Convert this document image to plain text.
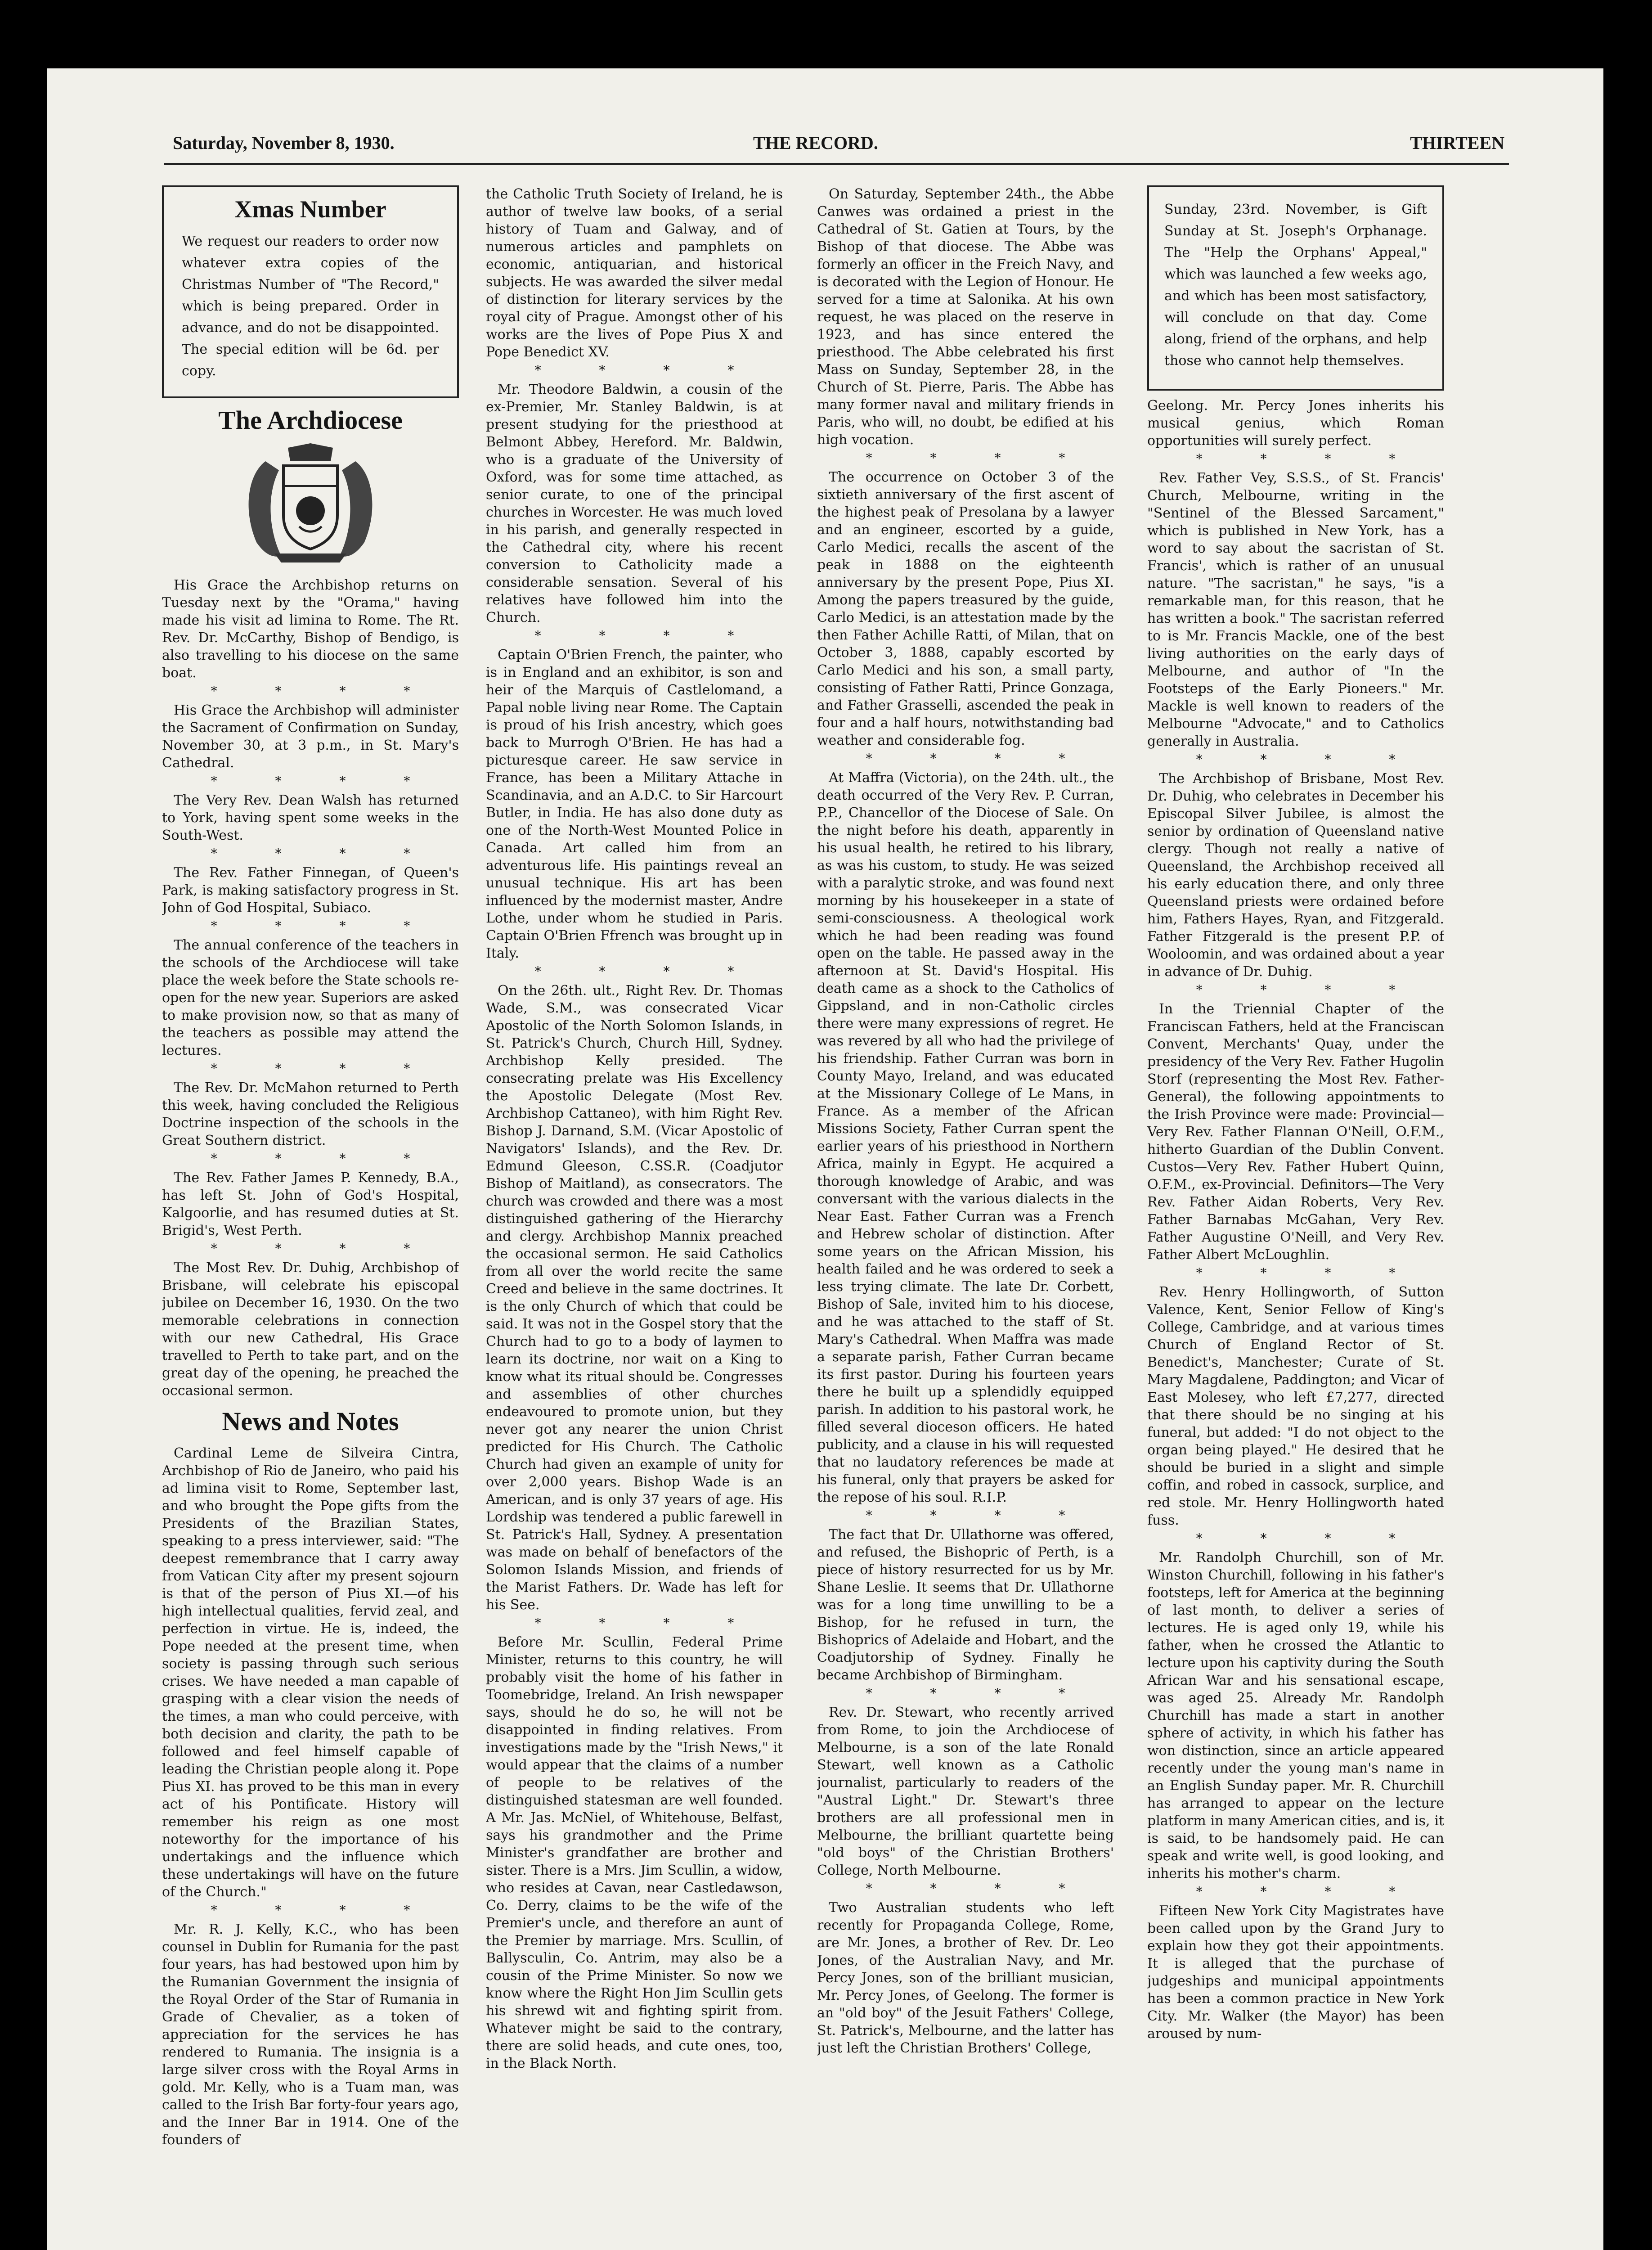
Saturday, November 8, 1930.	THE RECORD.	THIRTEEN
Xmas Number

We request our readers to order now whatever extra copies of the Christmas Number of "The Record," which is being prepared. Order in advance, and do not be disappointed. The special edition will be 6d. per copy.

The Archdiocese

His Grace the Archbishop returns on Tuesday next by the "Orama," having made his visit ad limina to Rome. The Rt. Rev. Dr. McCarthy, Bishop of Bendigo, is also travelling to his diocese on the same boat.

* * * *

His Grace the Archbishop will administer the Sacrament of Confirmation on Sunday, November 30, at 3 p.m., in St. Mary's Cathedral.

* * * *

The Very Rev. Dean Walsh has returned to York, having spent some weeks in the South-West.

* * * *

The Rev. Father Finnegan, of Queen's Park, is making satisfactory progress in St. John of God Hospital, Subiaco.

* * * *

The annual conference of the teachers in the schools of the Archdiocese will take place the week before the State schools re-open for the new year. Superiors are asked to make provision now, so that as many of the teachers as possible may attend the lectures.

* * * *

The Rev. Dr. McMahon returned to Perth this week, having concluded the Religious Doctrine inspection of the schools in the Great Southern district.

* * * *

The Rev. Father James P. Kennedy, B.A., has left St. John of God's Hospital, Kalgoorlie, and has resumed duties at St. Brigid's, West Perth.

* * * *

The Most Rev. Dr. Duhig, Archbishop of Brisbane, will celebrate his episcopal jubilee on December 16, 1930. On the two memorable celebrations in connection with our new Cathedral, His Grace travelled to Perth to take part, and on the great day of the opening, he preached the occasional sermon.

News and Notes

Cardinal Leme de Silveira Cintra, Archbishop of Rio de Janeiro, who paid his ad limina visit to Rome, September last, and who brought the Pope gifts from the Presidents of the Brazilian States, speaking to a press interviewer, said: "The deepest remembrance that I carry away from Vatican City after my present sojourn is that of the person of Pius XI.—of his high intellectual qualities, fervid zeal, and perfection in virtue. He is, indeed, the Pope needed at the present time, when society is passing through such serious crises. We have needed a man capable of grasping with a clear vision the needs of the times, a man who could perceive, with both decision and clarity, the path to be followed and feel himself capable of leading the Christian people along it. Pope Pius XI. has proved to be this man in every act of his Pontificate. History will remember his reign as one most noteworthy for the importance of his undertakings and the influence which these undertakings will have on the future of the Church."

* * * *

Mr. R. J. Kelly, K.C., who has been counsel in Dublin for Rumania for the past four years, has had bestowed upon him by the Rumanian Government the insignia of the Royal Order of the Star of Rumania in Grade of Chevalier, as a token of appreciation for the services he has rendered to Rumania. The insignia is a large silver cross with the Royal Arms in gold. Mr. Kelly, who is a Tuam man, was called to the Irish Bar forty-four years ago, and the Inner Bar in 1914. One of the founders of

the Catholic Truth Society of Ireland, he is author of twelve law books, of a serial history of Tuam and Galway, and of numerous articles and pamphlets on economic, antiquarian, and historical subjects. He was awarded the silver medal of distinction for literary services by the royal city of Prague. Amongst other of his works are the lives of Pope Pius X and Pope Benedict XV.

* * * *

Mr. Theodore Baldwin, a cousin of the ex-Premier, Mr. Stanley Baldwin, is at present studying for the priesthood at Belmont Abbey, Hereford. Mr. Baldwin, who is a graduate of the University of Oxford, was for some time attached, as senior curate, to one of the principal churches in Worcester. He was much loved in his parish, and generally respected in the Cathedral city, where his recent conversion to Catholicity made a considerable sensation. Several of his relatives have followed him into the Church.

* * * *

Captain O'Brien French, the painter, who is in England and an exhibitor, is son and heir of the Marquis of Castlelomand, a Papal noble living near Rome. The Captain is proud of his Irish ancestry, which goes back to Murrogh O'Brien. He has had a picturesque career. He saw service in France, has been a Military Attache in Scandinavia, and an A.D.C. to Sir Harcourt Butler, in India. He has also done duty as one of the North-West Mounted Police in Canada. Art called him from an adventurous life. His paintings reveal an unusual technique. His art has been influenced by the modernist master, Andre Lothe, under whom he studied in Paris. Captain O'Brien Ffrench was brought up in Italy.

* * * *

On the 26th. ult., Right Rev. Dr. Thomas Wade, S.M., was consecrated Vicar Apostolic of the North Solomon Islands, in St. Patrick's Church, Church Hill, Sydney. Archbishop Kelly presided. The consecrating prelate was His Excellency the Apostolic Delegate (Most Rev. Archbishop Cattaneo), with him Right Rev. Bishop J. Darnand, S.M. (Vicar Apostolic of Navigators' Islands), and the Rev. Dr. Edmund Gleeson, C.SS.R. (Coadjutor Bishop of Maitland), as consecrators. The church was crowded and there was a most distinguished gathering of the Hierarchy and clergy. Archbishop Mannix preached the occasional sermon. He said Catholics from all over the world recite the same Creed and believe in the same doctrines. It is the only Church of which that could be said. It was not in the Gospel story that the Church had to go to a body of laymen to learn its doctrine, nor wait on a King to know what its ritual should be. Congresses and assemblies of other churches endeavoured to promote union, but they never got any nearer the union Christ predicted for His Church. The Catholic Church had given an example of unity for over 2,000 years. Bishop Wade is an American, and is only 37 years of age. His Lordship was tendered a public farewell in St. Patrick's Hall, Sydney. A presentation was made on behalf of benefactors of the Solomon Islands Mission, and friends of the Marist Fathers. Dr. Wade has left for his See.

* * * *

Before Mr. Scullin, Federal Prime Minister, returns to this country, he will probably visit the home of his father in Toomebridge, Ireland. An Irish newspaper says, should he do so, he will not be disappointed in finding relatives. From investigations made by the "Irish News," it would appear that the claims of a number of people to be relatives of the distinguished statesman are well founded. A Mr. Jas. McNiel, of Whitehouse, Belfast, says his grandmother and the Prime Minister's grandfather are brother and sister. There is a Mrs. Jim Scullin, a widow, who resides at Cavan, near Castledawson, Co. Derry, claims to be the wife of the Premier's uncle, and therefore an aunt of the Premier by marriage. Mrs. Scullin, of Ballysculin, Co. Antrim, may also be a cousin of the Prime Minister. So now we know where the Right Hon Jim Scullin gets his shrewd wit and fighting spirit from. Whatever might be said to the contrary, there are solid heads, and cute ones, too, in the Black North.

On Saturday, September 24th., the Abbe Canwes was ordained a priest in the Cathedral of St. Gatien at Tours, by the Bishop of that diocese. The Abbe was formerly an officer in the Freich Navy, and is decorated with the Legion of Honour. He served for a time at Salonika. At his own request, he was placed on the reserve in 1923, and has since entered the priesthood. The Abbe celebrated his first Mass on Sunday, September 28, in the Church of St. Pierre, Paris. The Abbe has many former naval and military friends in Paris, who will, no doubt, be edified at his high vocation.

* * * *

The occurrence on October 3 of the sixtieth anniversary of the first ascent of the highest peak of Presolana by a lawyer and an engineer, escorted by a guide, Carlo Medici, recalls the ascent of the peak in 1888 on the eighteenth anniversary by the present Pope, Pius XI. Among the papers treasured by the guide, Carlo Medici, is an attestation made by the then Father Achille Ratti, of Milan, that on October 3, 1888, capably escorted by Carlo Medici and his son, a small party, consisting of Father Ratti, Prince Gonzaga, and Father Grasselli, ascended the peak in four and a half hours, notwithstanding bad weather and considerable fog.

* * * *

At Maffra (Victoria), on the 24th. ult., the death occurred of the Very Rev. P. Curran, P.P., Chancellor of the Diocese of Sale. On the night before his death, apparently in his usual health, he retired to his library, as was his custom, to study. He was seized with a paralytic stroke, and was found next morning by his housekeeper in a state of semi-consciousness. A theological work which he had been reading was found open on the table. He passed away in the afternoon at St. David's Hospital. His death came as a shock to the Catholics of Gippsland, and in non-Catholic circles there were many expressions of regret. He was revered by all who had the privilege of his friendship. Father Curran was born in County Mayo, Ireland, and was educated at the Missionary College of Le Mans, in France. As a member of the African Missions Society, Father Curran spent the earlier years of his priesthood in Northern Africa, mainly in Egypt. He acquired a thorough knowledge of Arabic, and was conversant with the various dialects in the Near East. Father Curran was a French and Hebrew scholar of distinction. After some years on the African Mission, his health failed and he was ordered to seek a less trying climate. The late Dr. Corbett, Bishop of Sale, invited him to his diocese, and he was attached to the staff of St. Mary's Cathedral. When Maffra was made a separate parish, Father Curran became its first pastor. During his fourteen years there he built up a splendidly equipped parish. In addition to his pastoral work, he filled several dioceson officers. He hated publicity, and a clause in his will requested that no laudatory references be made at his funeral, only that prayers be asked for the repose of his soul. R.I.P.

* * * *

The fact that Dr. Ullathorne was offered, and refused, the Bishopric of Perth, is a piece of history resurrected for us by Mr. Shane Leslie. It seems that Dr. Ullathorne was for a long time unwilling to be a Bishop, for he refused in turn, the Bishoprics of Adelaide and Hobart, and the Coadjutorship of Sydney. Finally he became Archbishop of Birmingham.

* * * *

Rev. Dr. Stewart, who recently arrived from Rome, to join the Archdiocese of Melbourne, is a son of the late Ronald Stewart, well known as a Catholic journalist, particularly to readers of the "Austral Light." Dr. Stewart's three brothers are all professional men in Melbourne, the brilliant quartette being "old boys" of the Christian Brothers' College, North Melbourne.

* * * *

Two Australian students who left recently for Propaganda College, Rome, are Mr. Jones, a brother of Rev. Dr. Leo Jones, of the Australian Navy, and Mr. Percy Jones, son of the brilliant musician, Mr. Percy Jones, of Geelong. The former is an "old boy" of the Jesuit Fathers' College, St. Patrick's, Melbourne, and the latter has just left the Christian Brothers' College,

Sunday, 23rd. November, is Gift Sunday at St. Joseph's Orphanage. The "Help the Orphans' Appeal," which was launched a few weeks ago, and which has been most satisfactory, will conclude on that day. Come along, friend of the orphans, and help those who cannot help themselves.

Geelong. Mr. Percy Jones inherits his musical genius, which Roman opportunities will surely perfect.

* * * *

Rev. Father Vey, S.S.S., of St. Francis' Church, Melbourne, writing in the "Sentinel of the Blessed Sarcament," which is published in New York, has a word to say about the sacristan of St. Francis', which is rather of an unusual nature. "The sacristan," he says, "is a remarkable man, for this reason, that he has written a book." The sacristan referred to is Mr. Francis Mackle, one of the best living authorities on the early days of Melbourne, and author of "In the Footsteps of the Early Pioneers." Mr. Mackle is well known to readers of the Melbourne "Advocate," and to Catholics generally in Australia.

* * * *

The Archbishop of Brisbane, Most Rev. Dr. Duhig, who celebrates in December his Episcopal Silver Jubilee, is almost the senior by ordination of Queensland native clergy. Though not really a native of Queensland, the Archbishop received all his early education there, and only three Queensland priests were ordained before him, Fathers Hayes, Ryan, and Fitzgerald. Father Fitzgerald is the present P.P. of Wooloomin, and was ordained about a year in advance of Dr. Duhig.

* * * *

In the Triennial Chapter of the Franciscan Fathers, held at the Franciscan Convent, Merchants' Quay, under the presidency of the Very Rev. Father Hugolin Storf (representing the Most Rev. Father-General), the following appointments to the Irish Province were made: Provincial—Very Rev. Father Flannan O'Neill, O.F.M., hitherto Guardian of the Dublin Convent. Custos—Very Rev. Father Hubert Quinn, O.F.M., ex-Provincial. Definitors—The Very Rev. Father Aidan Roberts, Very Rev. Father Barnabas McGahan, Very Rev. Father Augustine O'Neill, and Very Rev. Father Albert McLoughlin.

* * * *

Rev. Henry Hollingworth, of Sutton Valence, Kent, Senior Fellow of King's College, Cambridge, and at various times Church of England Rector of St. Benedict's, Manchester; Curate of St. Mary Magdalene, Paddington; and Vicar of East Molesey, who left £7,277, directed that there should be no singing at his funeral, but added: "I do not object to the organ being played." He desired that he should be buried in a slight and simple coffin, and robed in cassock, surplice, and red stole. Mr. Henry Hollingworth hated fuss.

* * * *

Mr. Randolph Churchill, son of Mr. Winston Churchill, following in his father's footsteps, left for America at the beginning of last month, to deliver a series of lectures. He is aged only 19, while his father, when he crossed the Atlantic to lecture upon his captivity during the South African War and his sensational escape, was aged 25. Already Mr. Randolph Churchill has made a start in another sphere of activity, in which his father has won distinction, since an article appeared recently under the young man's name in an English Sunday paper. Mr. R. Churchill has arranged to appear on the lecture platform in many American cities, and is, it is said, to be handsomely paid. He can speak and write well, is good looking, and inherits his mother's charm.

* * * *

Fifteen New York City Magistrates have been called upon by the Grand Jury to explain how they got their appointments. It is alleged that the purchase of judgeships and municipal appointments has been a common practice in New York City. Mr. Walker (the Mayor) has been aroused by num-
